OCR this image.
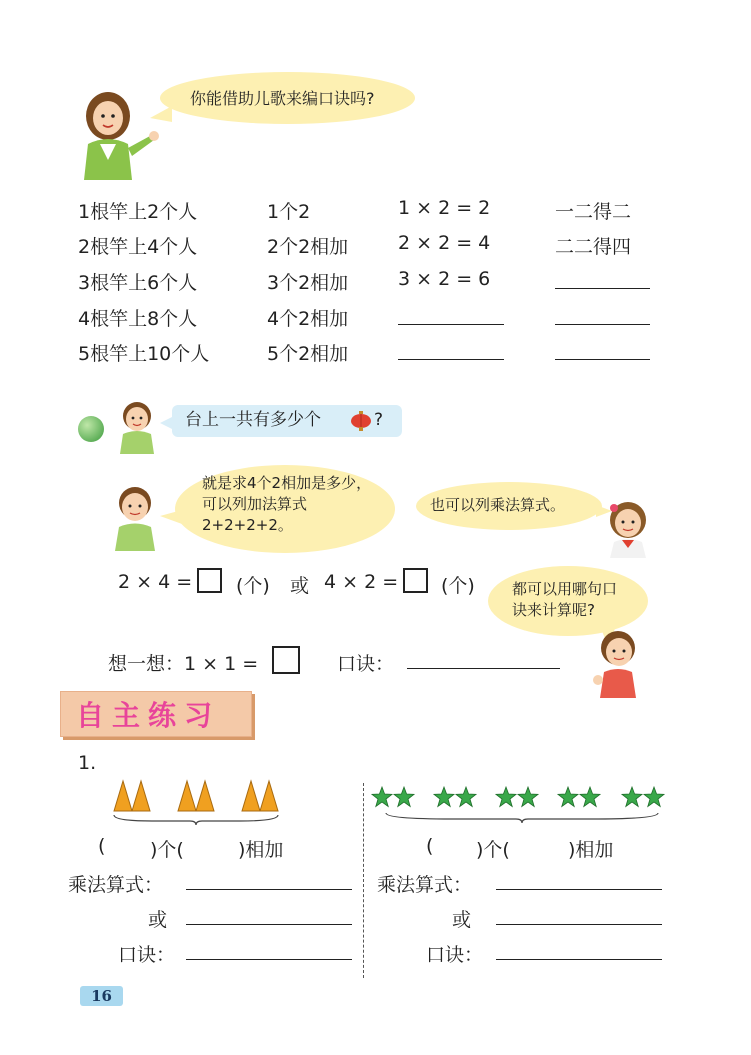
你能借助儿歌来编口诀吗?
1根竿上2个人	1个2	1 × 2 = 2	一二得二
2根竿上4个人	2个2相加	2 × 2 = 4	二二得四
3根竿上6个人	3个2相加	3 × 2 = 6
4根竿上8个人	4个2相加
5根竿上10个人	5个2相加
台上一共有多少个	?
就是求4个2相加是多少，可以列加法算式2+2+2+2。
也可以列乘法算式。
2 × 4 = (个) 或 4 × 2 = (个) 都可以用哪句口诀来计算呢?
想一想：1 × 1 =	口诀：
自主练习
1.
( )个(	)相加
乘法算式：
或
口诀：
( )个(	)相加
乘法算式：
或
口诀：
16
